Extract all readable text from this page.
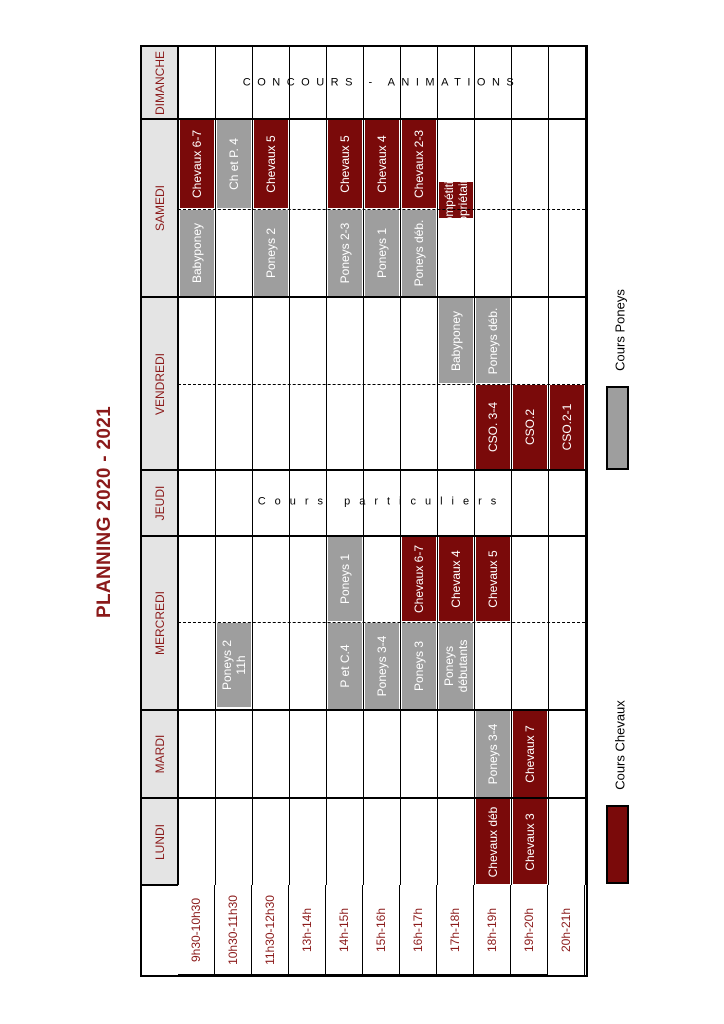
PLANNING 2020 - 2021
DIMANCHE
SAMEDI
VENDREDI
JEUDI
MERCREDI
MARDI
LUNDI
9h30-10h30 10h30-11h30 11h30-12h30 13h-14h 14h-15h 15h-16h 16h-17h 17h-18h 18h-19h 19h-20h 20h-21h
Chevaux déb Chevaux 3
Poneys 3-4 Chevaux 7
Poneys 2
11h	P et C.4
Poneys 1
Poneys 3-4 Poneys 3
Chevaux 6-7
Poneys
débutants
Chevaux 4 Chevaux 5
Babyponey Poneys déb.
CSO. 3-4 CSO.2 CSO.2-1
Babyponey
Chevaux 6-7 Ch et P. 4
Poneys 2
Chevaux 5
Poneys 2-3
Chevaux 5
Poneys 1
Chevaux 4
Poneys déb.
Chevaux 2-3
Compétition
propriétaires
Cours particuliers
CONCOURS - ANIMATIONS
Cours Chevaux
Cours Poneys
